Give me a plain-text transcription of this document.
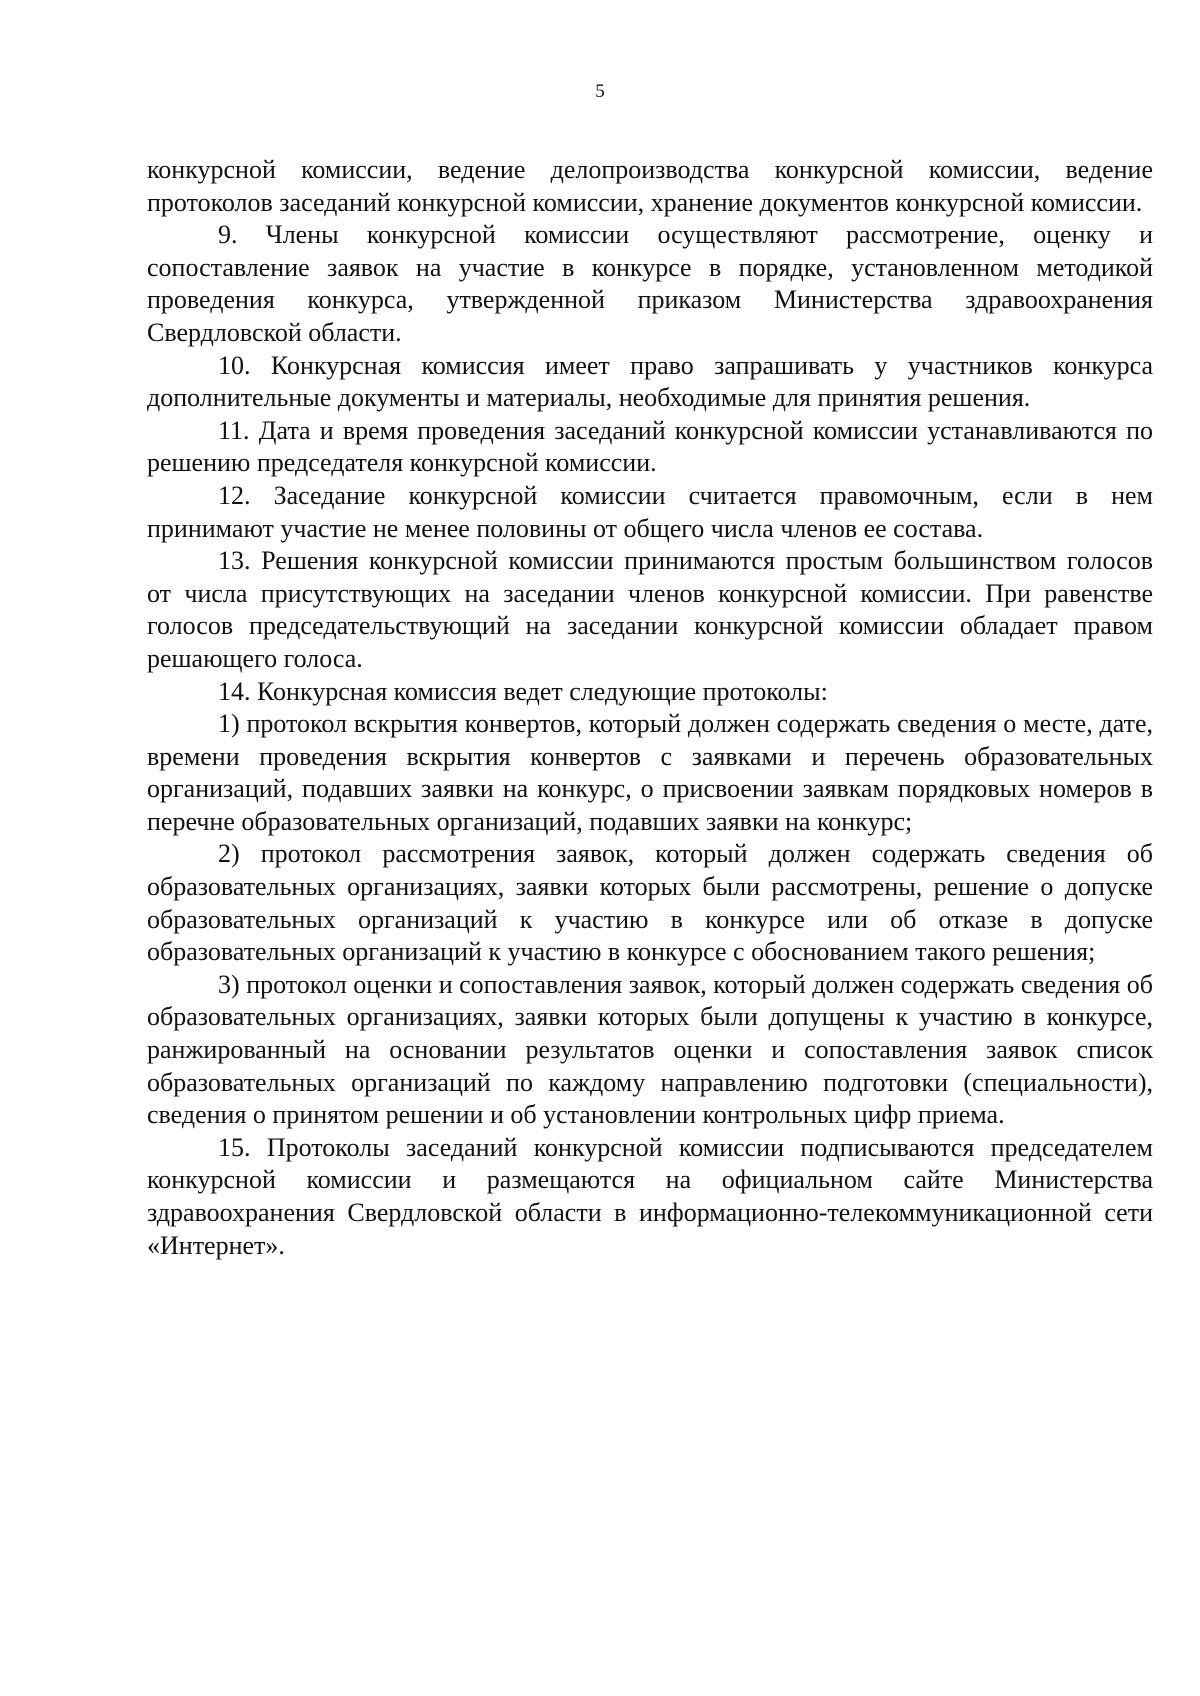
5

конкурсной комиссии, ведение делопроизводства конкурсной комиссии, ведение протоколов заседаний конкурсной комиссии, хранение документов конкурсной комиссии.

9. Члены конкурсной комиссии осуществляют рассмотрение, оценку и сопоставление заявок на участие в конкурсе в порядке, установленном методикой проведения конкурса, утвержденной приказом Министерства здравоохранения Свердловской области.

10. Конкурсная комиссия имеет право запрашивать у участников конкурса дополнительные документы и материалы, необходимые для принятия решения.

11. Дата и время проведения заседаний конкурсной комиссии устанавливаются по решению председателя конкурсной комиссии.

12. Заседание конкурсной комиссии считается правомочным, если в нем принимают участие не менее половины от общего числа членов ее состава.

13. Решения конкурсной комиссии принимаются простым большинством голосов от числа присутствующих на заседании членов конкурсной комиссии. При равенстве голосов председательствующий на заседании конкурсной комиссии обладает правом решающего голоса.

14. Конкурсная комиссия ведет следующие протоколы:

1) протокол вскрытия конвертов, который должен содержать сведения о месте, дате, времени проведения вскрытия конвертов с заявками и перечень образовательных организаций, подавших заявки на конкурс, о присвоении заявкам порядковых номеров в перечне образовательных организаций, подавших заявки на конкурс;

2) протокол рассмотрения заявок, который должен содержать сведения об образовательных организациях, заявки которых были рассмотрены, решение о допуске образовательных организаций к участию в конкурсе или об отказе в допуске образовательных организаций к участию в конкурсе с обоснованием такого решения;

3) протокол оценки и сопоставления заявок, который должен содержать сведения об образовательных организациях, заявки которых были допущены к участию в конкурсе, ранжированный на основании результатов оценки и сопоставления заявок список образовательных организаций по каждому направлению подготовки (специальности), сведения о принятом решении и об установлении контрольных цифр приема.

15. Протоколы заседаний конкурсной комиссии подписываются председателем конкурсной комиссии и размещаются на официальном сайте Министерства здравоохранения Свердловской области в информационно-телекоммуникационной сети «Интернет».
